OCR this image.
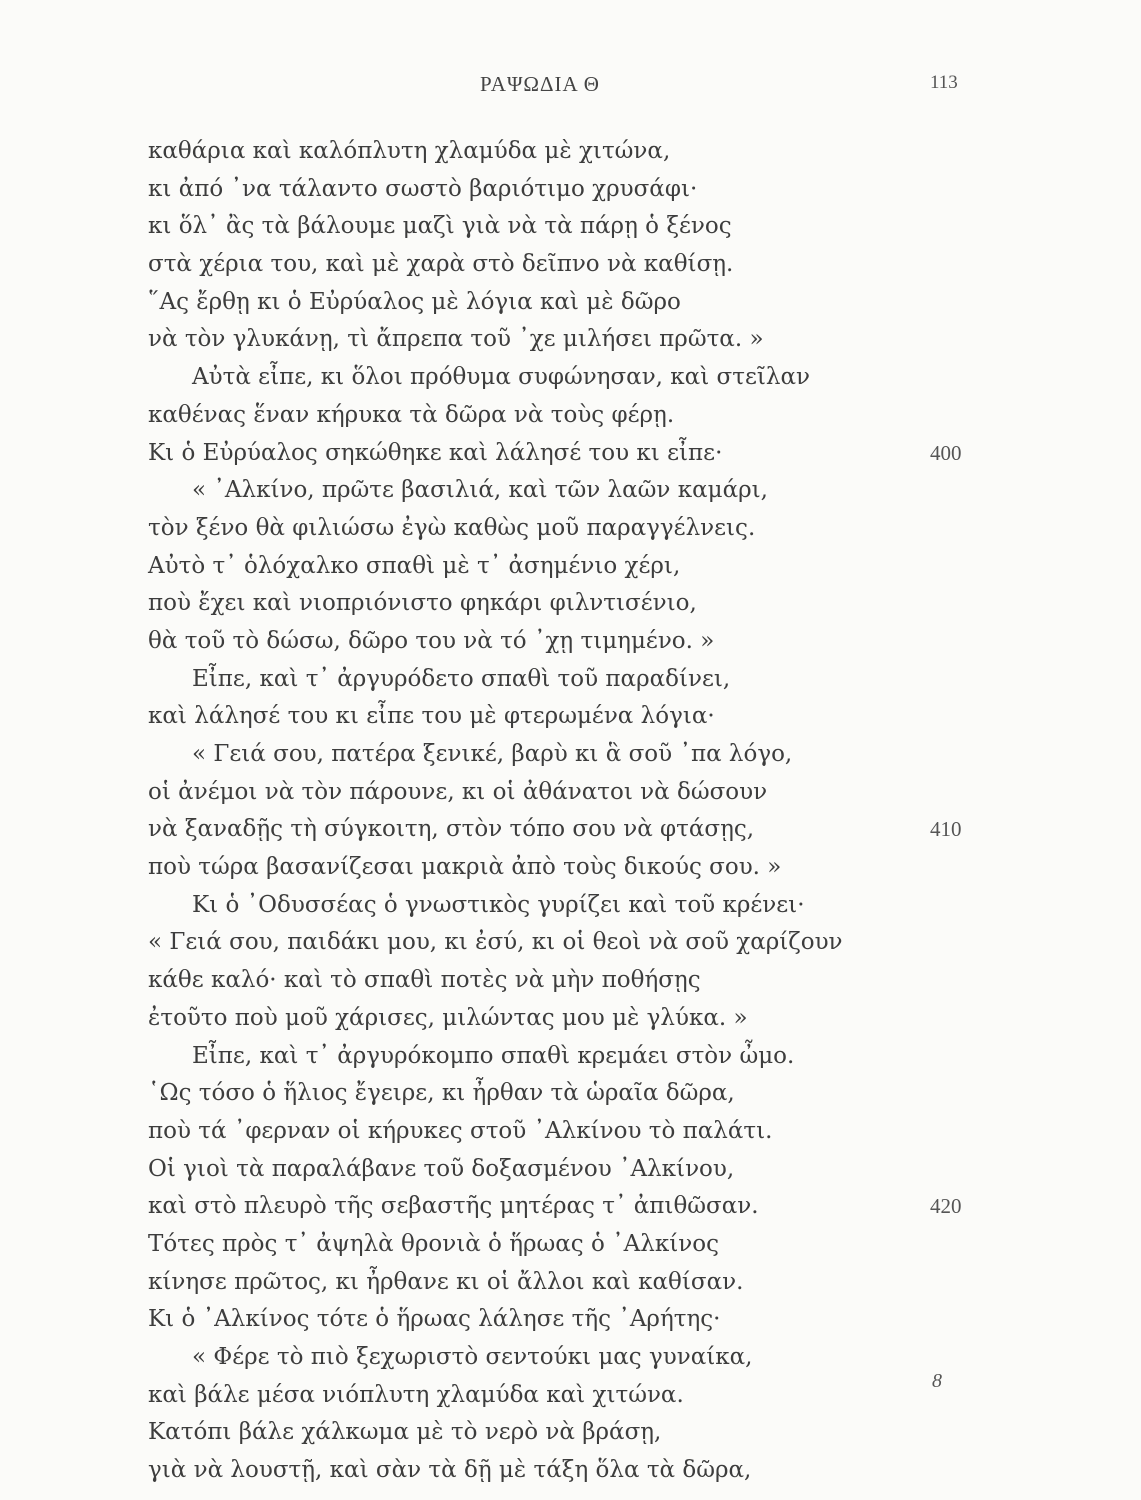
ΡΑΨΩΔΙΑ Θ	113
καθάρια καὶ καλόπλυτη χλαμύδα μὲ χιτώνα,
κι ἀπό ᾽να τάλαντο σωστὸ βαριότιμο χρυσάφι·
κι ὅλ᾽ ἂς τὰ βάλουμε μαζὶ γιὰ νὰ τὰ πάρῃ ὁ ξένος
στὰ χέρια του, καὶ μὲ χαρὰ στὸ δεῖπνο νὰ καθίσῃ.
῞Ας ἔρθῃ κι ὁ Εὐρύαλος μὲ λόγια καὶ μὲ δῶρο
νὰ τὸν γλυκάνῃ, τὶ ἄπρεπα τοῦ ᾽χε μιλήσει πρῶτα. »
Αὐτὰ εἶπε, κι ὅλοι πρόθυμα συφώνησαν, καὶ στεῖλαν
καθένας ἕναν κήρυκα τὰ δῶρα νὰ τοὺς φέρῃ.
Κι ὁ Εὐρύαλος σηκώθηκε καὶ λάλησέ του κι εἶπε·	400
« ᾽Αλκίνο, πρῶτε βασιλιά, καὶ τῶν λαῶν καμάρι,
τὸν ξένο θὰ φιλιώσω ἐγὼ καθὼς μοῦ παραγγέλνεις.
Αὐτὸ τ᾽ ὁλόχαλκο σπαθὶ μὲ τ᾽ ἀσημένιο χέρι,
ποὺ ἔχει καὶ νιοπριόνιστο φηκάρι φιλντισένιο,
θὰ τοῦ τὸ δώσω, δῶρο του νὰ τό ᾽χῃ τιμημένο. »
Εἶπε, καὶ τ᾽ ἀργυρόδετο σπαθὶ τοῦ παραδίνει,
καὶ λάλησέ του κι εἶπε του μὲ φτερωμένα λόγια·
« Γειά σου, πατέρα ξενικέ, βαρὺ κι ἃ σοῦ ᾽πα λόγο,
οἱ ἀνέμοι νὰ τὸν πάρουνε, κι οἱ ἀθάνατοι νὰ δώσουν
νὰ ξαναδῇς τὴ σύγκοιτη, στὸν τόπο σου νὰ φτάσῃς,	410
ποὺ τώρα βασανίζεσαι μακριὰ ἀπὸ τοὺς δικούς σου. »
Κι ὁ ᾽Οδυσσέας ὁ γνωστικὸς γυρίζει καὶ τοῦ κρένει·
« Γειά σου, παιδάκι μου, κι ἐσύ, κι οἱ θεοὶ νὰ σοῦ χαρίζουν
κάθε καλό· καὶ τὸ σπαθὶ ποτὲς νὰ μὴν ποθήσῃς
ἐτοῦτο ποὺ μοῦ χάρισες, μιλώντας μου μὲ γλύκα. »
Εἶπε, καὶ τ᾽ ἀργυρόκομπο σπαθὶ κρεμάει στὸν ὦμο.
῾Ως τόσο ὁ ἥλιος ἔγειρε, κι ἦρθαν τὰ ὡραῖα δῶρα,
ποὺ τά ᾽φερναν οἱ κήρυκες στοῦ ᾽Αλκίνου τὸ παλάτι.
Οἱ γιοὶ τὰ παραλάβανε τοῦ δοξασμένου ᾽Αλκίνου,
καὶ στὸ πλευρὸ τῆς σεβαστῆς μητέρας τ᾽ ἀπιθῶσαν.	420
Τότες πρὸς τ᾽ ἀψηλὰ θρονιὰ ὁ ἥρωας ὁ ᾽Αλκίνος
κίνησε πρῶτος, κι ἦρθανε κι οἱ ἄλλοι καὶ καθίσαν.
Κι ὁ ᾽Αλκίνος τότε ὁ ἥρωας λάλησε τῆς ᾽Αρήτης·
« Φέρε τὸ πιὸ ξεχωριστὸ σεντούκι μας γυναίκα,
καὶ βάλε μέσα νιόπλυτη χλαμύδα καὶ χιτώνα.
Κατόπι βάλε χάλκωμα μὲ τὸ νερὸ νὰ βράσῃ,
γιὰ νὰ λουστῇ, καὶ σὰν τὰ δῇ μὲ τάξη ὅλα τὰ δῶρα,
8
